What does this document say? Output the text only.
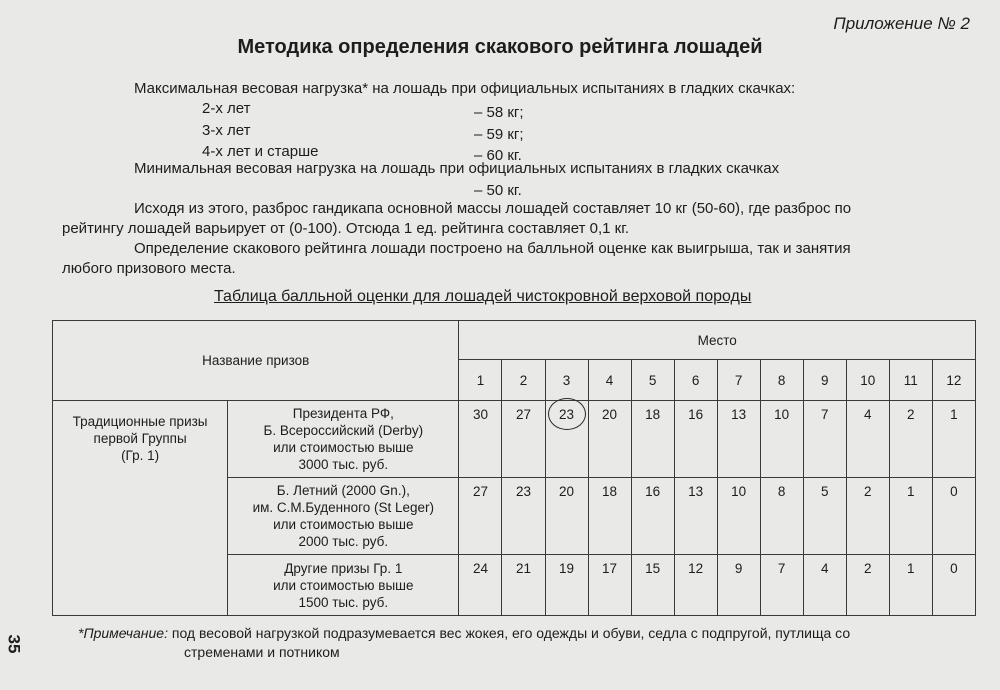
Приложение № 2
Методика определения скакового рейтинга лошадей
Максимальная весовая нагрузка* на лошадь при официальных испытаниях в гладких скачках:
2-х лет	– 58 кг;
3-х лет	– 59 кг;
4-х лет и старше	– 60 кг.
Минимальная весовая нагрузка на лошадь при официальных испытаниях в гладких скачках
– 50 кг.
Исходя из этого, разброс гандикапа основной массы лошадей составляет 10 кг (50-60), где разброс по
рейтингу лошадей варьирует от (0-100). Отсюда 1 ед. рейтинга составляет 0,1 кг.
Определение скакового рейтинга лошади построено на балльной оценке как выигрыша, так и занятия
любого призового места.
Таблица балльной оценки для лошадей чистокровной верховой породы
Название призов		Место											
		1	2	3	4	5	6	7	8	9	10	11	12
Традиционные призы
первой Группы
(Гр. 1)	Президента РФ,
Б. Всероссийский (Derby)
или стоимостью выше
3000 тыс. руб.	30	27	23	20	18	16	13	10	7	4	2	1
	Б. Летний (2000 Gn.),
им. С.М.Буденного (St Leger)
или стоимостью выше
2000 тыс. руб.	27	23	20	18	16	13	10	8	5	2	1	0
	Другие призы Гр. 1
или стоимостью выше
1500 тыс. руб.	24	21	19	17	15	12	9	7	4	2	1	0
*Примечание: под весовой нагрузкой подразумевается вес жокея, его одежды и обуви, седла с подпругой, путлища со
стременами и потником
35
